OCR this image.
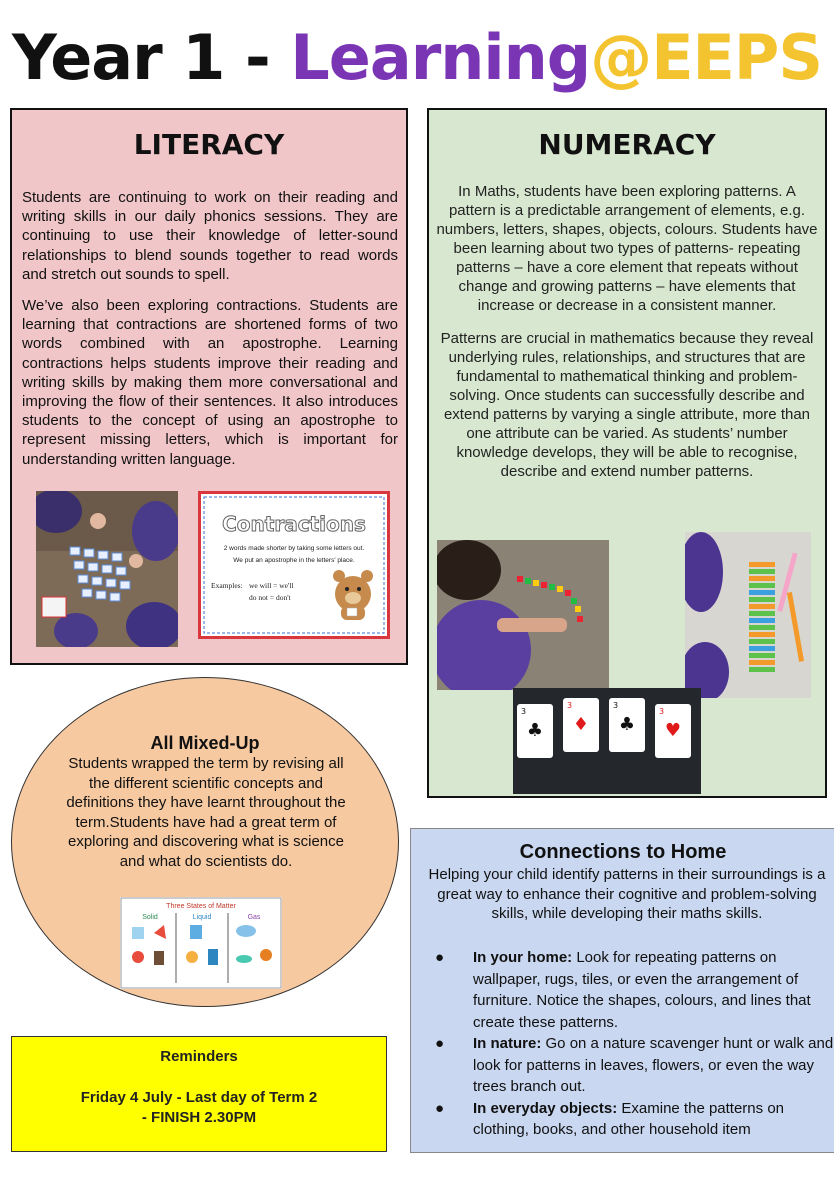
Year 1 - Learning@EEPS
LITERACY

Students are continuing to work on their reading and writing skills in our daily phonics sessions. They are continuing to use their knowledge of letter-sound relationships to blend sounds together to read words and stretch out sounds to spell.

We’ve also been exploring contractions. Students are learning that contractions are shortened forms of two words combined with an apostrophe. Learning contractions helps students improve their reading and writing skills by making them more conversational and improving the flow of their sentences. It also introduces students to the concept of using an apostrophe to represent missing letters, which is important for understanding written language.

Contractions
2 words made shorter by taking some letters out.
We put an apostrophe in the letters' place.
Examples: we will = we'll
do not = don't
NUMERACY

In Maths, students have been exploring patterns. A pattern is a predictable arrangement of elements, e.g. numbers, letters, shapes, objects, colours. Students have been learning about two types of patterns- repeating patterns – have a core element that repeats without change and growing patterns – have elements that increase or decrease in a consistent manner.

Patterns are crucial in mathematics because they reveal underlying rules, relationships, and structures that are fundamental to mathematical thinking and problem-solving. Once students can successfully describe and extend patterns by varying a single attribute, more than one attribute can be varied. As students’ number knowledge develops, they will be able to recognise, describe and extend number patterns.

♣
3
♦
3
♣
3
♥
3
All Mixed-Up
Students wrapped the term by revising all the different scientific concepts and definitions they have learnt throughout the term.Students have had a great term of exploring and discovering what is science and what do scientists do.
Three States of Matter
Solid	Liquid	Gas
Connections to Home
Helping your child identify patterns in their surroundings is a great way to enhance their cognitive and problem-solving skills, while developing their maths skills.
● In your home: Look for repeating patterns on wallpaper, rugs, tiles, or even the arrangement of furniture. Notice the shapes, colours, and lines that create these patterns.
● In nature: Go on a nature scavenger hunt or walk and look for patterns in leaves, flowers, or even the way trees branch out.
● In everyday objects: Examine the patterns on clothing, books, and other household item
Reminders
Friday 4 July - Last day of Term 2
- FINISH 2.30PM
